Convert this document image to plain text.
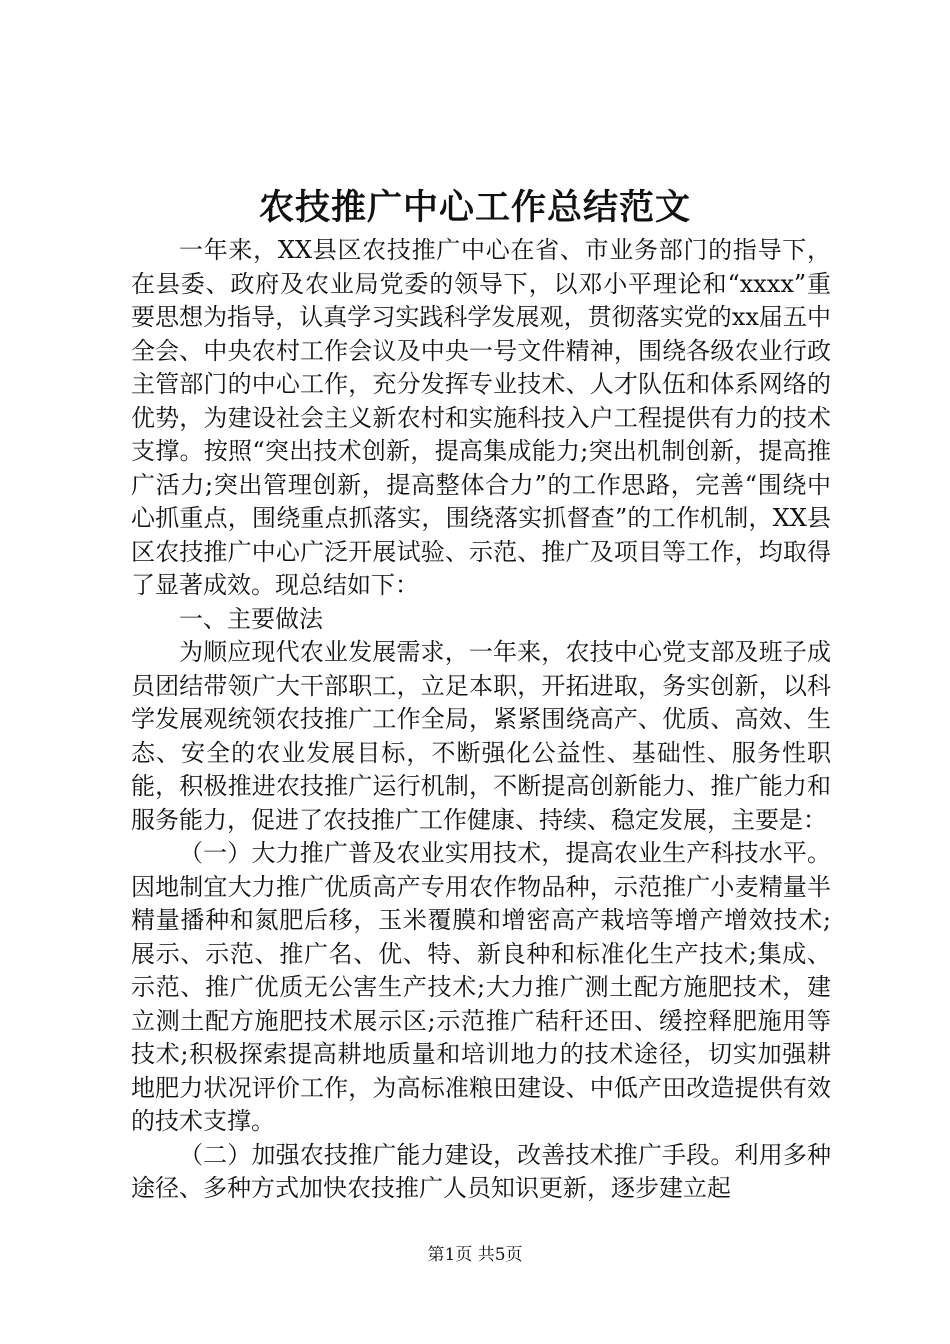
农技推广中心工作总结范文

一年来，XX县区农技推广中心在省、市业务部门的指导下，在县委、政府及农业局党委的领导下，以邓小平理论和“xxxx”重要思想为指导，认真学习实践科学发展观，贯彻落实党的xx届五中全会、中央农村工作会议及中央一号文件精神，围绕各级农业行政主管部门的中心工作，充分发挥专业技术、人才队伍和体系网络的优势，为建设社会主义新农村和实施科技入户工程提供有力的技术支撑。按照“突出技术创新，提高集成能力;突出机制创新，提高推广活力;突出管理创新，提高整体合力”的工作思路，完善“围绕中心抓重点，围绕重点抓落实，围绕落实抓督查”的工作机制，XX县区农技推广中心广泛开展试验、示范、推广及项目等工作，均取得了显著成效。现总结如下：

一、主要做法

为顺应现代农业发展需求，一年来，农技中心党支部及班子成员团结带领广大干部职工，立足本职，开拓进取，务实创新，以科学发展观统领农技推广工作全局，紧紧围绕高产、优质、高效、生态、安全的农业发展目标，不断强化公益性、基础性、服务性职能，积极推进农技推广运行机制，不断提高创新能力、推广能力和服务能力，促进了农技推广工作健康、持续、稳定发展，主要是：

（一）大力推广普及农业实用技术，提高农业生产科技水平。因地制宜大力推广优质高产专用农作物品种，示范推广小麦精量半精量播种和氮肥后移，玉米覆膜和增密高产栽培等增产增效技术;展示、示范、推广名、优、特、新良种和标准化生产技术;集成、示范、推广优质无公害生产技术;大力推广测土配方施肥技术，建立测土配方施肥技术展示区;示范推广秸秆还田、缓控释肥施用等技术;积极探索提高耕地质量和培训地力的技术途径，切实加强耕地肥力状况评价工作，为高标准粮田建设、中低产田改造提供有效的技术支撑。

（二）加强农技推广能力建设，改善技术推广手段。利用多种途径、多种方式加快农技推广人员知识更新，逐步建立起

第1页 共5页
